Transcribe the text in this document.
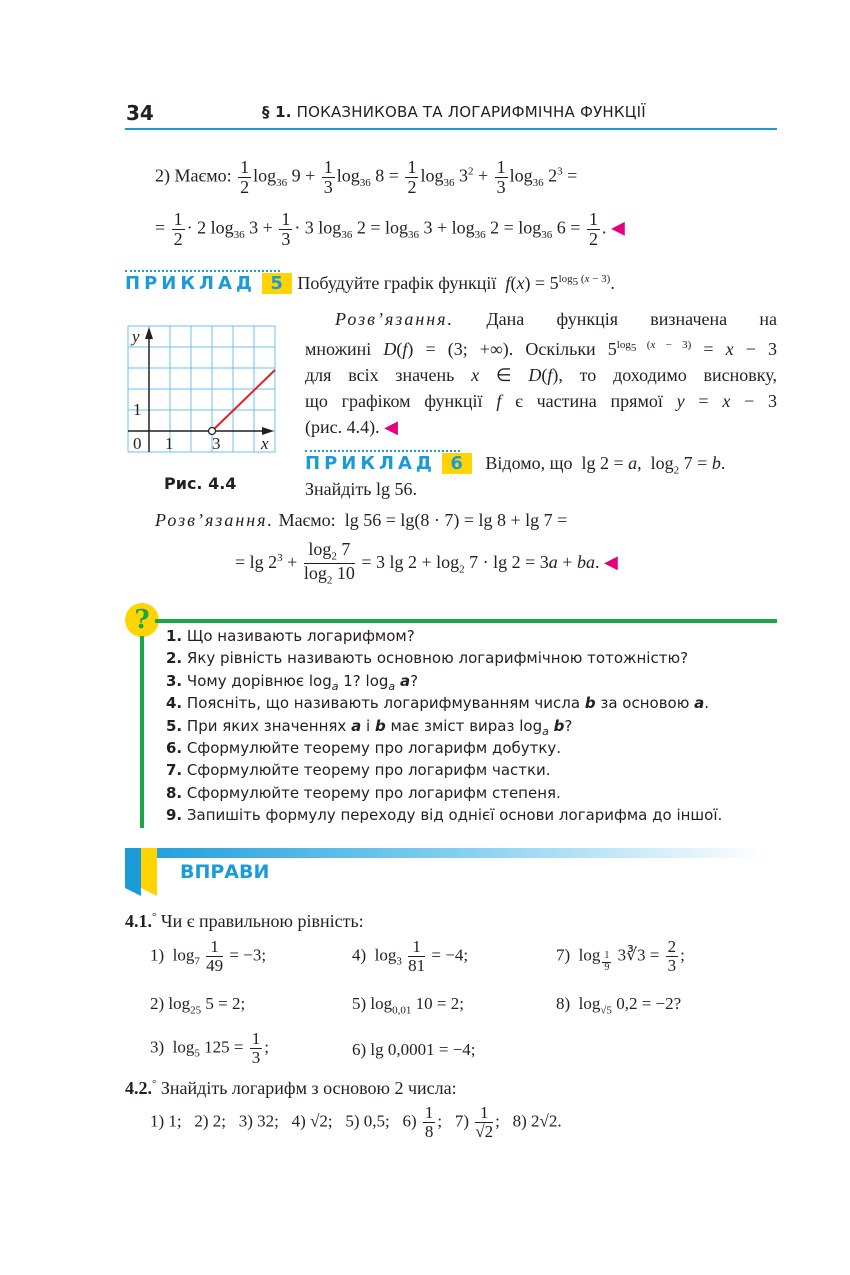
34	§ 1. ПОКАЗНИКОВА ТА ЛОГАРИФМІЧНА ФУНКЦІЇ
2) Маємо: $\frac{1}{2} \log_{36} 9 + \frac{1}{3} \log_{36} 8 = \frac{1}{2} \log_{36} 3^2 + \frac{1}{3} \log_{36} 2^3$ =
= $\frac{1}{2} \cdot 2$ $\log_{36} 3 + \frac{1}{3} \cdot 3$ $\log_{36} 2 = \log_{36} 3 + \log_{36} 2 = \log_{36} 6 = \frac{1}{2}$ . ◀
ПРИКЛАД 5 Побудуйте графік функції $f(x) = 5^{log_5 (x - 3)}$.
y
x
1
0 1 3
Рис. 4.4
Розв’язання. Дана функція визначена на
множині D(f) = (3; +∞). Оскільки $5^{log_5 (x - 3)} = x - 3$
для всіх значень x ∈ D(f), то доходимо висновку,
що графіком функції f є частина прямої y = x − 3
(рис. 4.4). ◀
ПРИКЛАД 6 Відомо, що  lg 2 = a,  $\log_2 7 = b$.
Знайдіть lg 56.
Розв’язання. Маємо:  lg 56 = lg(8 · 7) = lg 8 + lg 7 =
= $\lg 2^3 + \frac{\log_2 7}{\log_2 10} = 3$ $\lg 2 + \log_2 7 \cdot \lg 2 = 3a$ + ba. ◀
?
1. Що називають логарифмом?
2. Яку рівність називають основною логарифмічною тотожністю?
3. Чому дорівнює $\log_a 1$? $\log_a a$?
4. Поясніть, що називають логарифмуванням числа b за основою a.
5. При яких значеннях a і b має зміст вираз $\log_a b$?
6. Сформулюйте теорему про логарифм добутку.
7. Сформулюйте теорему про логарифм частки.
8. Сформулюйте теорему про логарифм степеня.
9. Запишіть формулу переходу від однієї основи логарифма до іншої.
ВПРАВИ
4.1.° Чи є правильною рівність:
1)  $\log_7 \frac{1}{49} = -3$;	4)  $\log_3 \frac{1}{81} = -4$;	7)  log $_{\frac{1}{9}}$ 3∛3 = $\frac{2}{3}$ ;
2) $\log_{25} 5 = 2$;	5) $\log_{0,01} 10 = 2$;	8)  $\log_{√5} 0,2 = -2$?
3)  $\log_5 125 = \frac{1}{3}$ ;	6) lg 0,0001 = −4;
4.2.° Знайдіть логарифм з основою 2 числа:
1) 1;   2) 2;   3) 32;   4) √2;   5) 0,5;   $6) \frac{1}{8}$ ;   $7) \frac{1}{√2}$ ;   8) 2√2.
